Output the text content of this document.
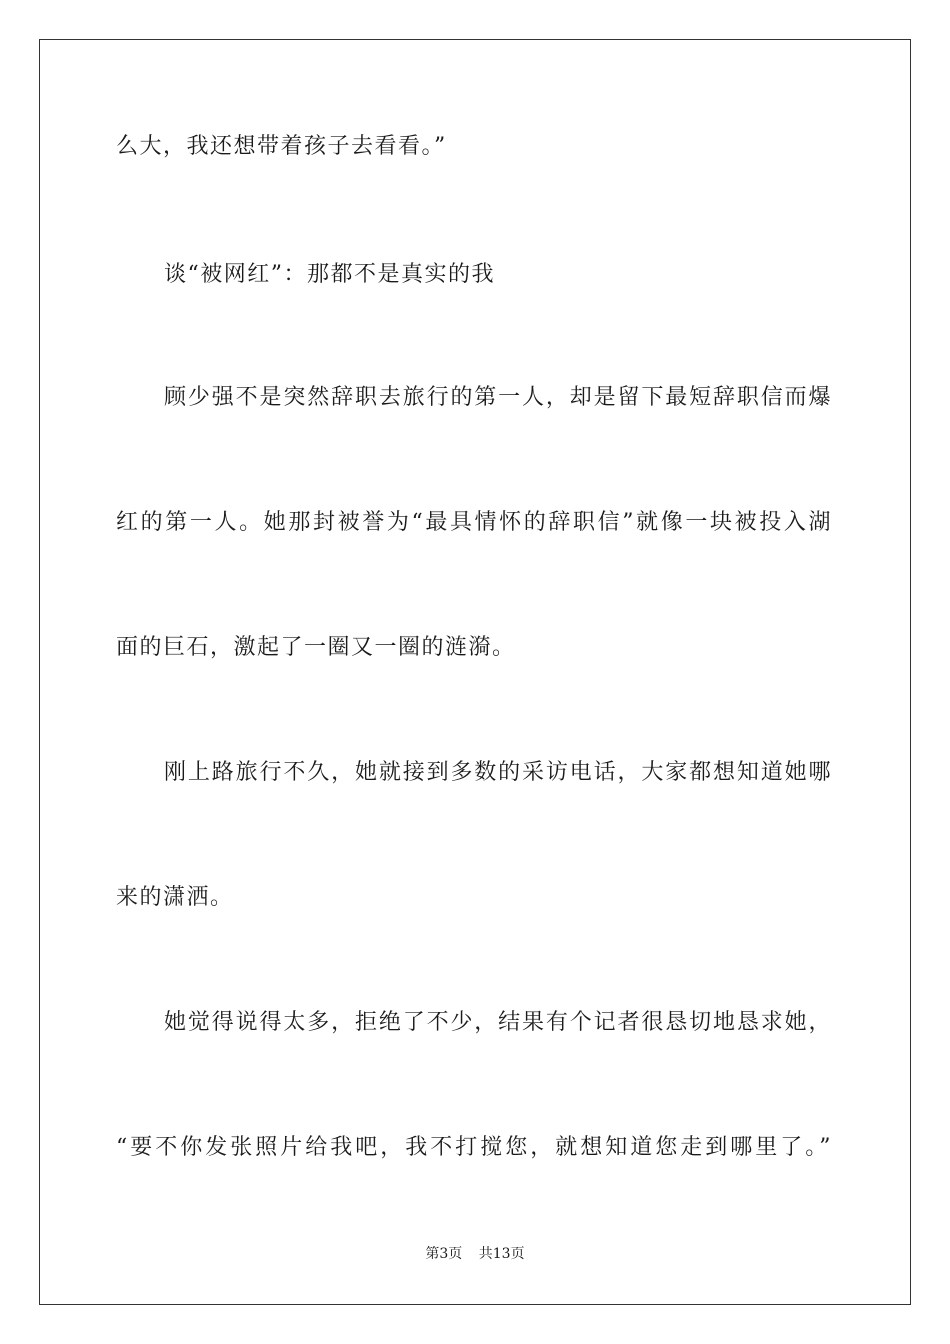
么大，我还想带着孩子去看看。”
谈“被网红”：那都不是真实的我
顾少强不是突然辞职去旅行的第一人，却是留下最短辞职信而爆
红的第一人。她那封被誉为“最具情怀的辞职信”就像一块被投入湖
面的巨石，激起了一圈又一圈的涟漪。
刚上路旅行不久，她就接到多数的采访电话，大家都想知道她哪
来的潇洒。
她觉得说得太多，拒绝了不少，结果有个记者很恳切地恳求她，
“要不你发张照片给我吧，我不打搅您，就想知道您走到哪里了。”
第3页 共13页
